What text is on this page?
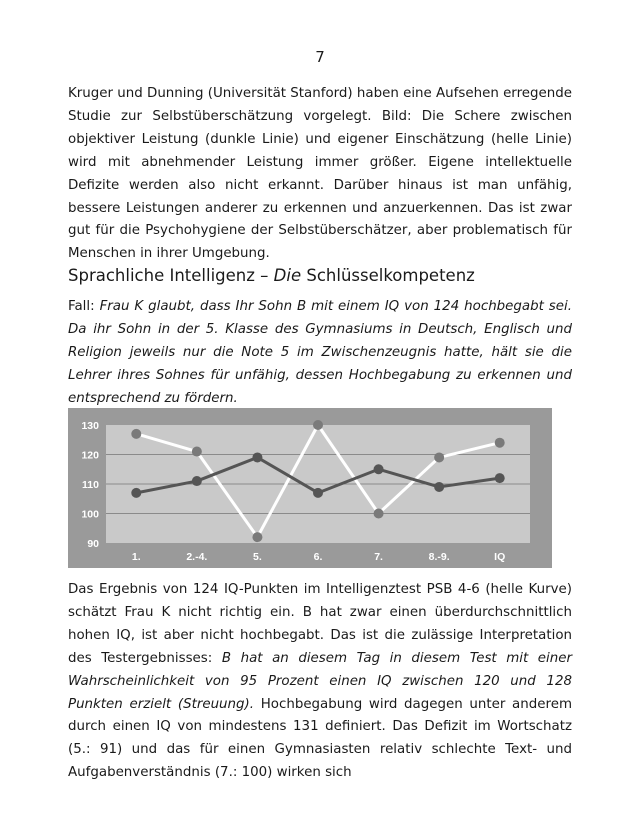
7

Kruger und Dunning (Universität Stanford) haben eine Aufsehen erregende Studie zur Selbstüberschätzung vorgelegt. Bild: Die Schere zwischen objektiver Leistung (dunkle Linie) und eigener Einschätzung (helle Linie) wird mit abnehmender Leistung immer größer. Eigene intellektuelle Defizite werden also nicht erkannt. Darüber hinaus ist man unfähig, bessere Leistungen anderer zu erkennen und anzuerkennen. Das ist zwar gut für die Psychohygiene der Selbstüberschätzer, aber problematisch für Menschen in ihrer Umgebung.

Sprachliche Intelligenz – Die Schlüsselkompetenz

Fall: Frau K glaubt, dass Ihr Sohn B mit einem IQ von 124 hochbegabt sei. Da ihr Sohn in der 5. Klasse des Gymnasiums in Deutsch, Englisch und Religion jeweils nur die Note 5 im Zwischenzeugnis hatte, hält sie die Lehrer ihres Sohnes für unfähig, dessen Hochbegabung zu erkennen und entsprechend zu fördern.

130
120
110
100
90
1.	2.-4.	5.	6.	7.	8.-9.	IQ

Das Ergebnis von 124 IQ-Punkten im Intelligenztest PSB 4-6 (helle Kurve) schätzt Frau K nicht richtig ein. B hat zwar einen überdurchschnittlich hohen IQ, ist aber nicht hochbegabt. Das ist die zulässige Interpretation des Testergebnisses: B hat an diesem Tag in diesem Test mit einer Wahrscheinlichkeit von 95 Prozent einen IQ zwischen 120 und 128 Punkten erzielt (Streuung). Hochbegabung wird dagegen unter anderem durch einen IQ von mindestens 131 definiert. Das Defizit im Wortschatz (5.: 91) und das für einen Gymnasiasten relativ schlechte Text- und Aufgabenverständnis (7.: 100) wirken sich
